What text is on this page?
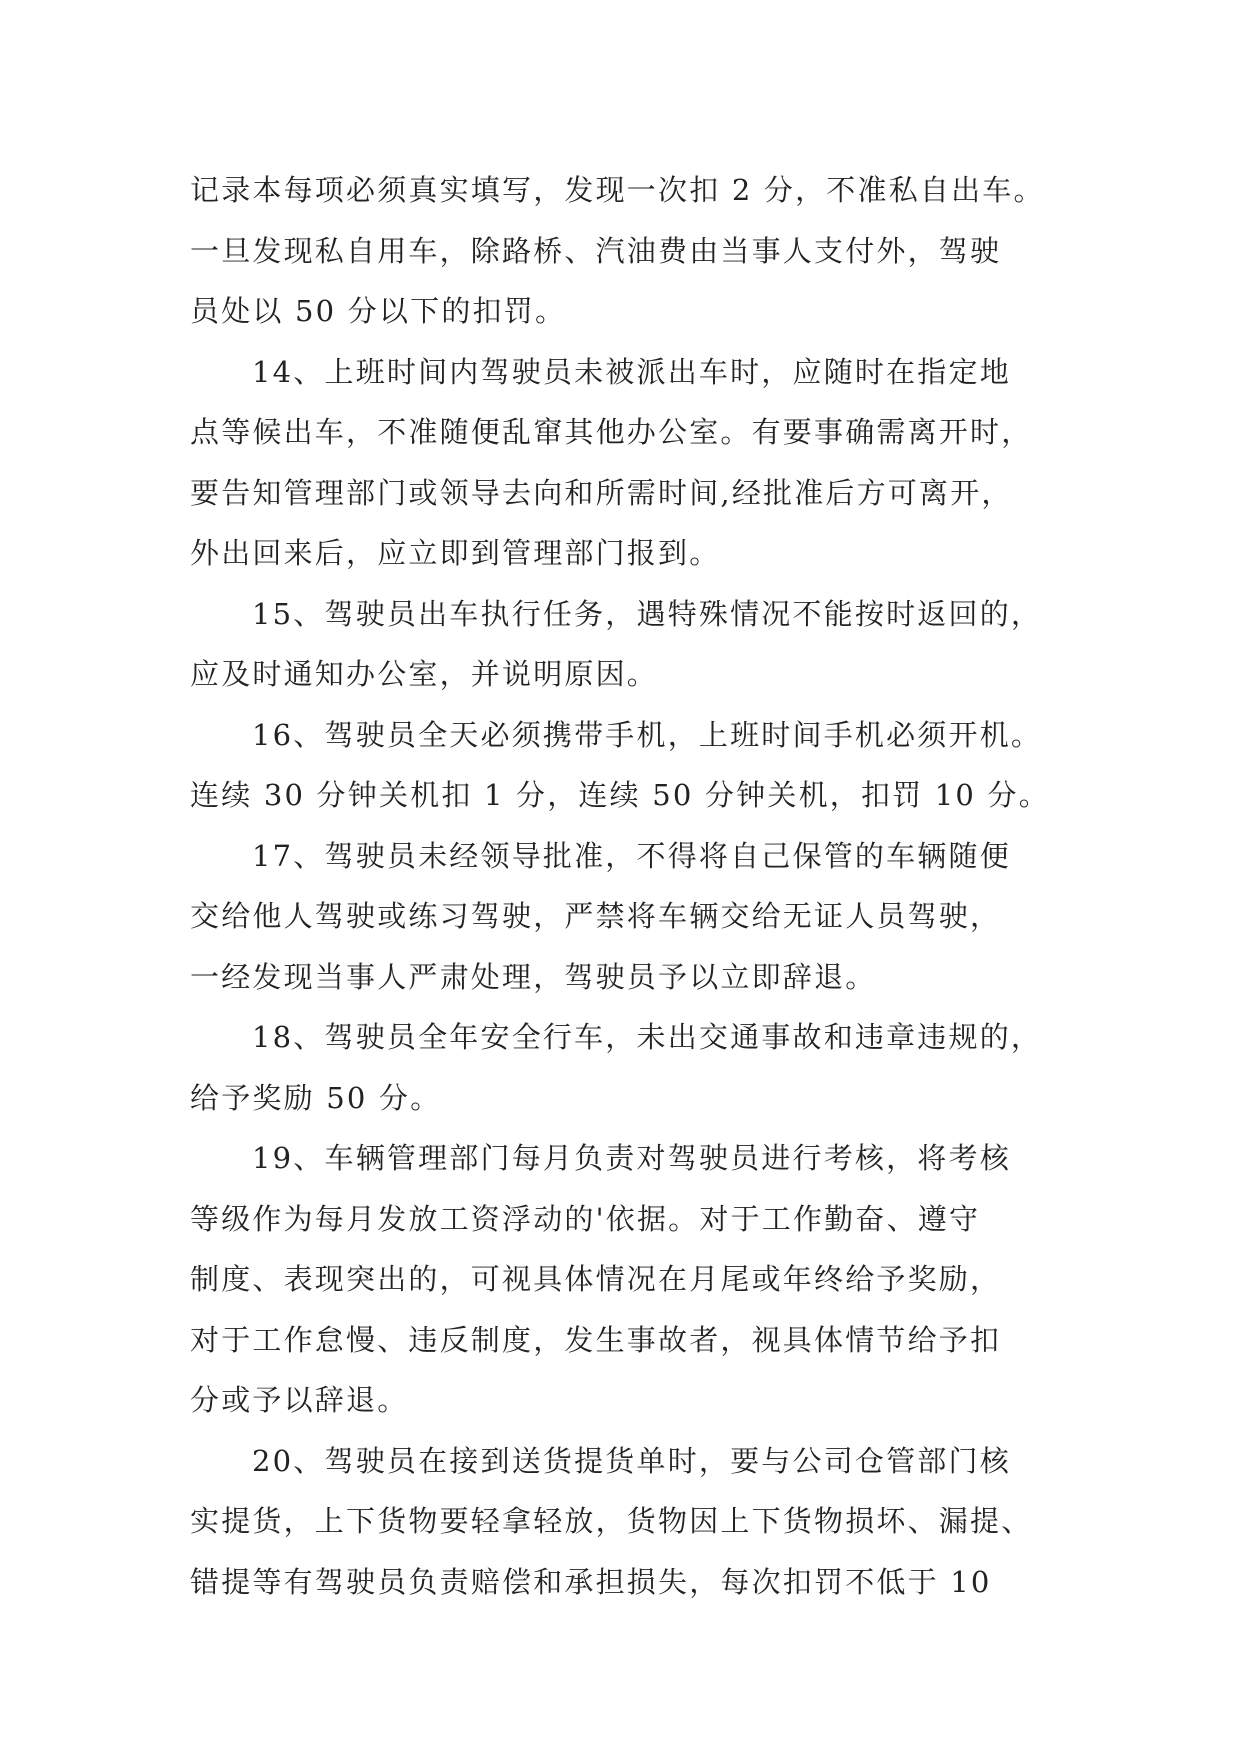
记录本每项必须真实填写，发现一次扣 2 分，不准私自出车。
一旦发现私自用车，除路桥、汽油费由当事人支付外，驾驶
员处以 50 分以下的扣罚。
14、上班时间内驾驶员未被派出车时，应随时在指定地
点等候出车，不准随便乱窜其他办公室。有要事确需离开时，
要告知管理部门或领导去向和所需时间,经批准后方可离开，
外出回来后，应立即到管理部门报到。
15、驾驶员出车执行任务，遇特殊情况不能按时返回的，
应及时通知办公室，并说明原因。
16、驾驶员全天必须携带手机，上班时间手机必须开机。
连续 30 分钟关机扣 1 分，连续 50 分钟关机，扣罚 10 分。
17、驾驶员未经领导批准，不得将自己保管的车辆随便
交给他人驾驶或练习驾驶，严禁将车辆交给无证人员驾驶，
一经发现当事人严肃处理，驾驶员予以立即辞退。
18、驾驶员全年安全行车，未出交通事故和违章违规的，
给予奖励 50 分。
19、车辆管理部门每月负责对驾驶员进行考核，将考核
等级作为每月发放工资浮动的'依据。对于工作勤奋、遵守
制度、表现突出的，可视具体情况在月尾或年终给予奖励，
对于工作怠慢、违反制度，发生事故者，视具体情节给予扣
分或予以辞退。
20、驾驶员在接到送货提货单时，要与公司仓管部门核
实提货，上下货物要轻拿轻放，货物因上下货物损坏、漏提、
错提等有驾驶员负责赔偿和承担损失，每次扣罚不低于 10
